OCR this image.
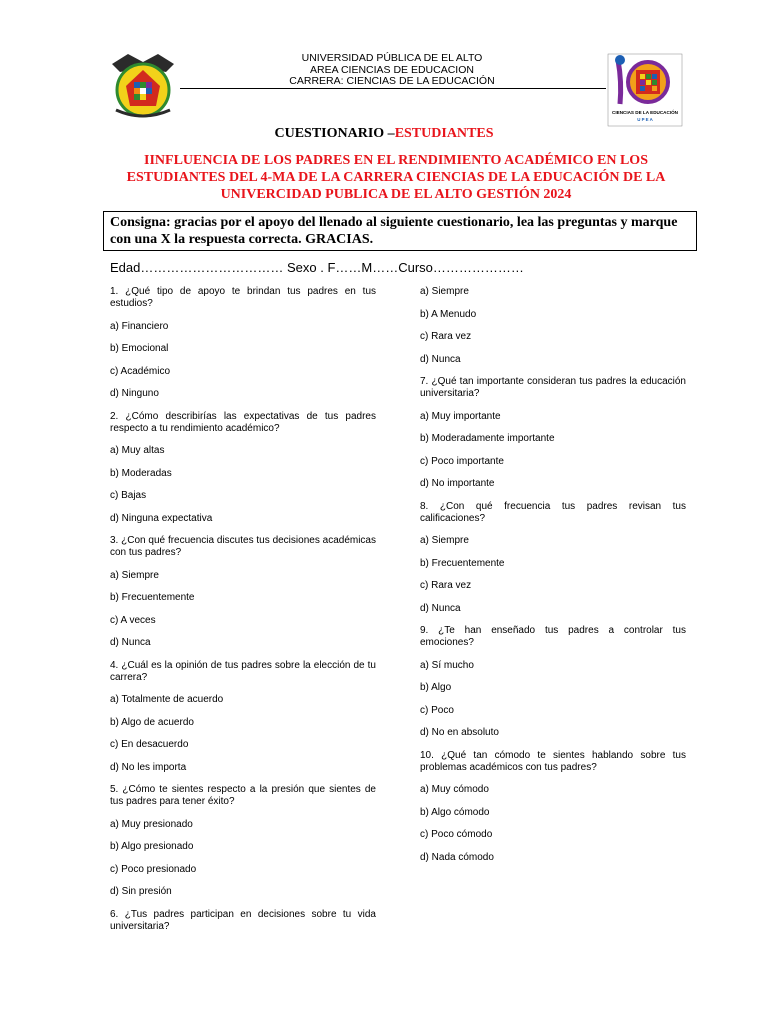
UNIVERSIDAD PÚBLICA DE EL ALTO
AREA CIENCIAS DE EDUCACION
CARRERA: CIENCIAS DE LA EDUCACIÓN
CIENCIAS DE LA EDUCACIÓN
U P E A
CUESTIONARIO –ESTUDIANTES
IINFLUENCIA DE LOS PADRES EN EL RENDIMIENTO ACADÉMICO EN LOS ESTUDIANTES DEL 4-MA DE LA CARRERA CIENCIAS DE LA EDUCACIÓN DE LA UNIVERCIDAD PUBLICA DE EL ALTO GESTIÓN 2024
Consigna: gracias por el apoyo del llenado al siguiente cuestionario, lea las preguntas y marque con una X la respuesta correcta. GRACIAS.
Edad…………………………… Sexo . F……M……Curso…………………
1. ¿Qué tipo de apoyo te brindan tus padres en tus estudios?
a) Financiero
b) Emocional
c) Académico
d) Ninguno
2. ¿Cómo describirías las expectativas de tus padres respecto a tu rendimiento académico?
a) Muy altas
b) Moderadas
c) Bajas
d) Ninguna expectativa
3. ¿Con qué frecuencia discutes tus decisiones académicas con tus padres?
a) Siempre
b) Frecuentemente
c) A veces
d) Nunca
4. ¿Cuál es la opinión de tus padres sobre la elección de tu carrera?
a) Totalmente de acuerdo
b) Algo de acuerdo
c) En desacuerdo
d) No les importa
5. ¿Cómo te sientes respecto a la presión que sientes de tus padres para tener éxito?
a) Muy presionado
b) Algo presionado
c) Poco presionado
d) Sin presión
6. ¿Tus padres participan en decisiones sobre tu vida universitaria?
a) Siempre
b) A Menudo
c) Rara vez
d) Nunca
7. ¿Qué tan importante consideran tus padres la educación universitaria?
a) Muy importante
b) Moderadamente importante
c) Poco importante
d) No importante
8. ¿Con qué frecuencia tus padres revisan tus calificaciones?
a) Siempre
b) Frecuentemente
c) Rara vez
d) Nunca
9. ¿Te han enseñado tus padres a controlar tus emociones?
a) Sí mucho
b) Algo
c) Poco
d) No en absoluto
10. ¿Qué tan cómodo te sientes hablando sobre tus problemas académicos con tus padres?
a) Muy cómodo
b) Algo cómodo
c) Poco cómodo
d) Nada cómodo
